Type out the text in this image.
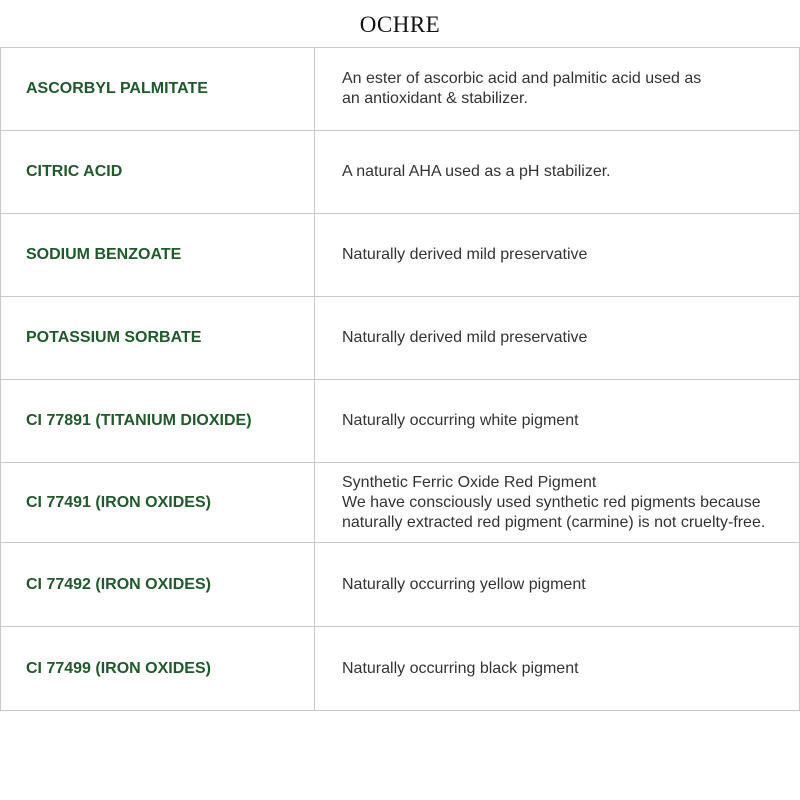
OCHRE
ASCORBYL PALMITATE	An ester of ascorbic acid and palmitic acid used as
an antioxidant & stabilizer.

CITRIC ACID	A natural AHA used as a pH stabilizer.

SODIUM BENZOATE	Naturally derived mild preservative

POTASSIUM SORBATE	Naturally derived mild preservative

CI 77891 (TITANIUM DIOXIDE)	Naturally occurring white pigment

CI 77491 (IRON OXIDES)	Synthetic Ferric Oxide Red Pigment
We have consciously used synthetic red pigments because
naturally extracted red pigment (carmine) is not cruelty-free.

CI 77492 (IRON OXIDES)	Naturally occurring yellow pigment

CI 77499 (IRON OXIDES)	Naturally occurring black pigment
